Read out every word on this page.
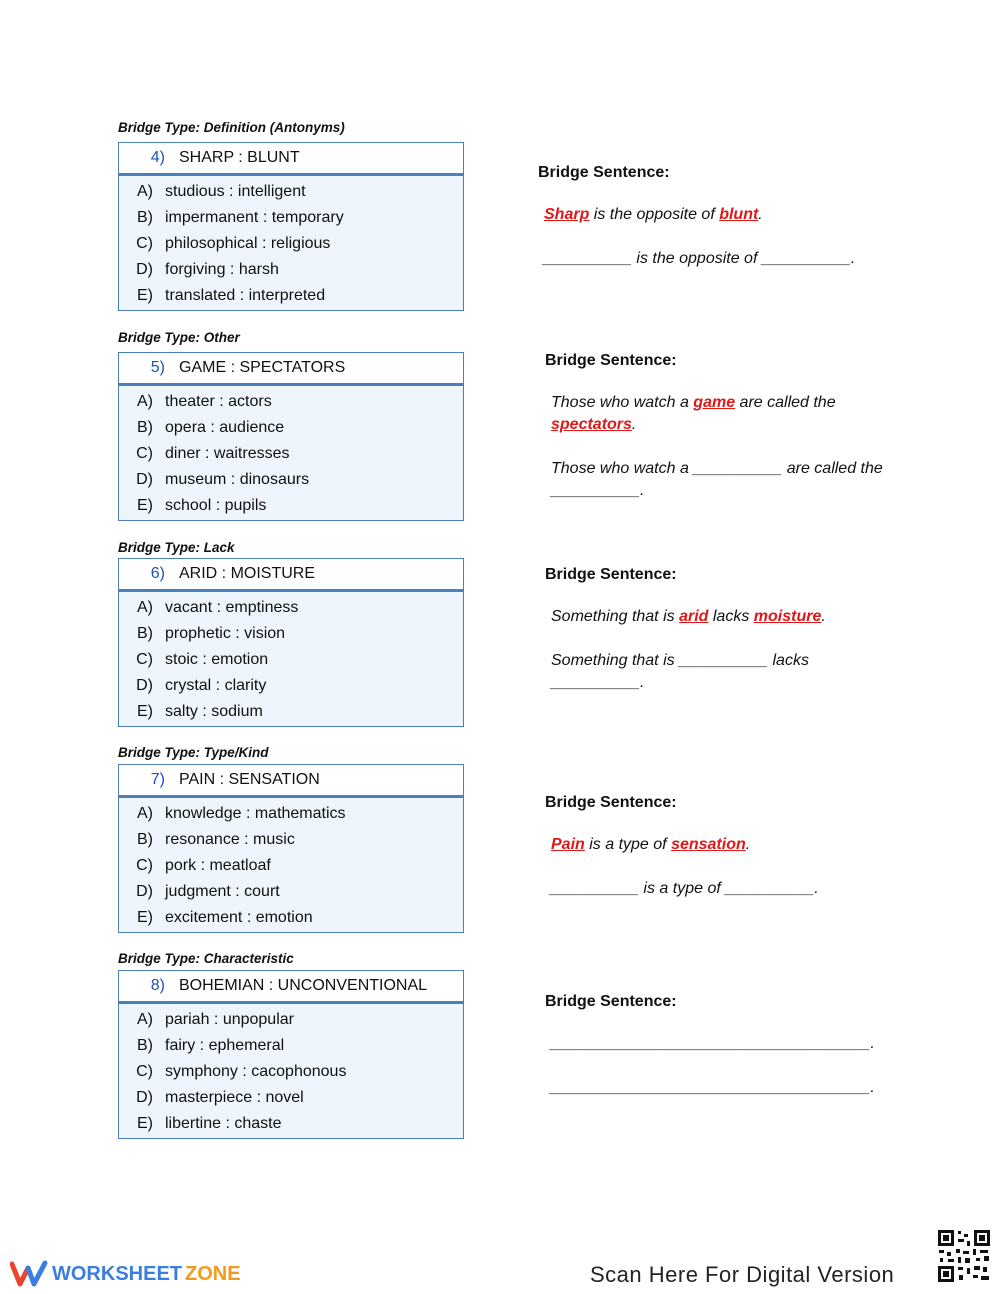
Bridge Type: Definition (Antonyms)
4) SHARP : BLUNT
A) studious : intelligent
B) impermanent : temporary
C) philosophical : religious
D) forgiving : harsh
E) translated : interpreted
Bridge Sentence:
Sharp is the opposite of blunt.
__________ is the opposite of __________.
Bridge Type: Other
5) GAME : SPECTATORS
A) theater : actors
B) opera : audience
C) diner : waitresses
D) museum : dinosaurs
E) school : pupils
Bridge Sentence:
Those who watch a game are called the spectators.
Those who watch a __________ are called the __________.
Bridge Type: Lack
6) ARID : MOISTURE
A) vacant : emptiness
B) prophetic : vision
C) stoic : emotion
D) crystal : clarity
E) salty : sodium
Bridge Sentence:
Something that is arid lacks moisture.
Something that is __________ lacks __________.
Bridge Type: Type/Kind
7) PAIN : SENSATION
A) knowledge : mathematics
B) resonance : music
C) pork : meatloaf
D) judgment : court
E) excitement : emotion
Bridge Sentence:
Pain is a type of sensation.
__________ is a type of __________.
Bridge Type: Characteristic
8) BOHEMIAN : UNCONVENTIONAL
A) pariah : unpopular
B) fairy : ephemeral
C) symphony : cacophonous
D) masterpiece : novel
E) libertine : chaste
Bridge Sentence:
____________________________________.
____________________________________.
WORKSHEET ZONE	Scan Here For Digital Version
